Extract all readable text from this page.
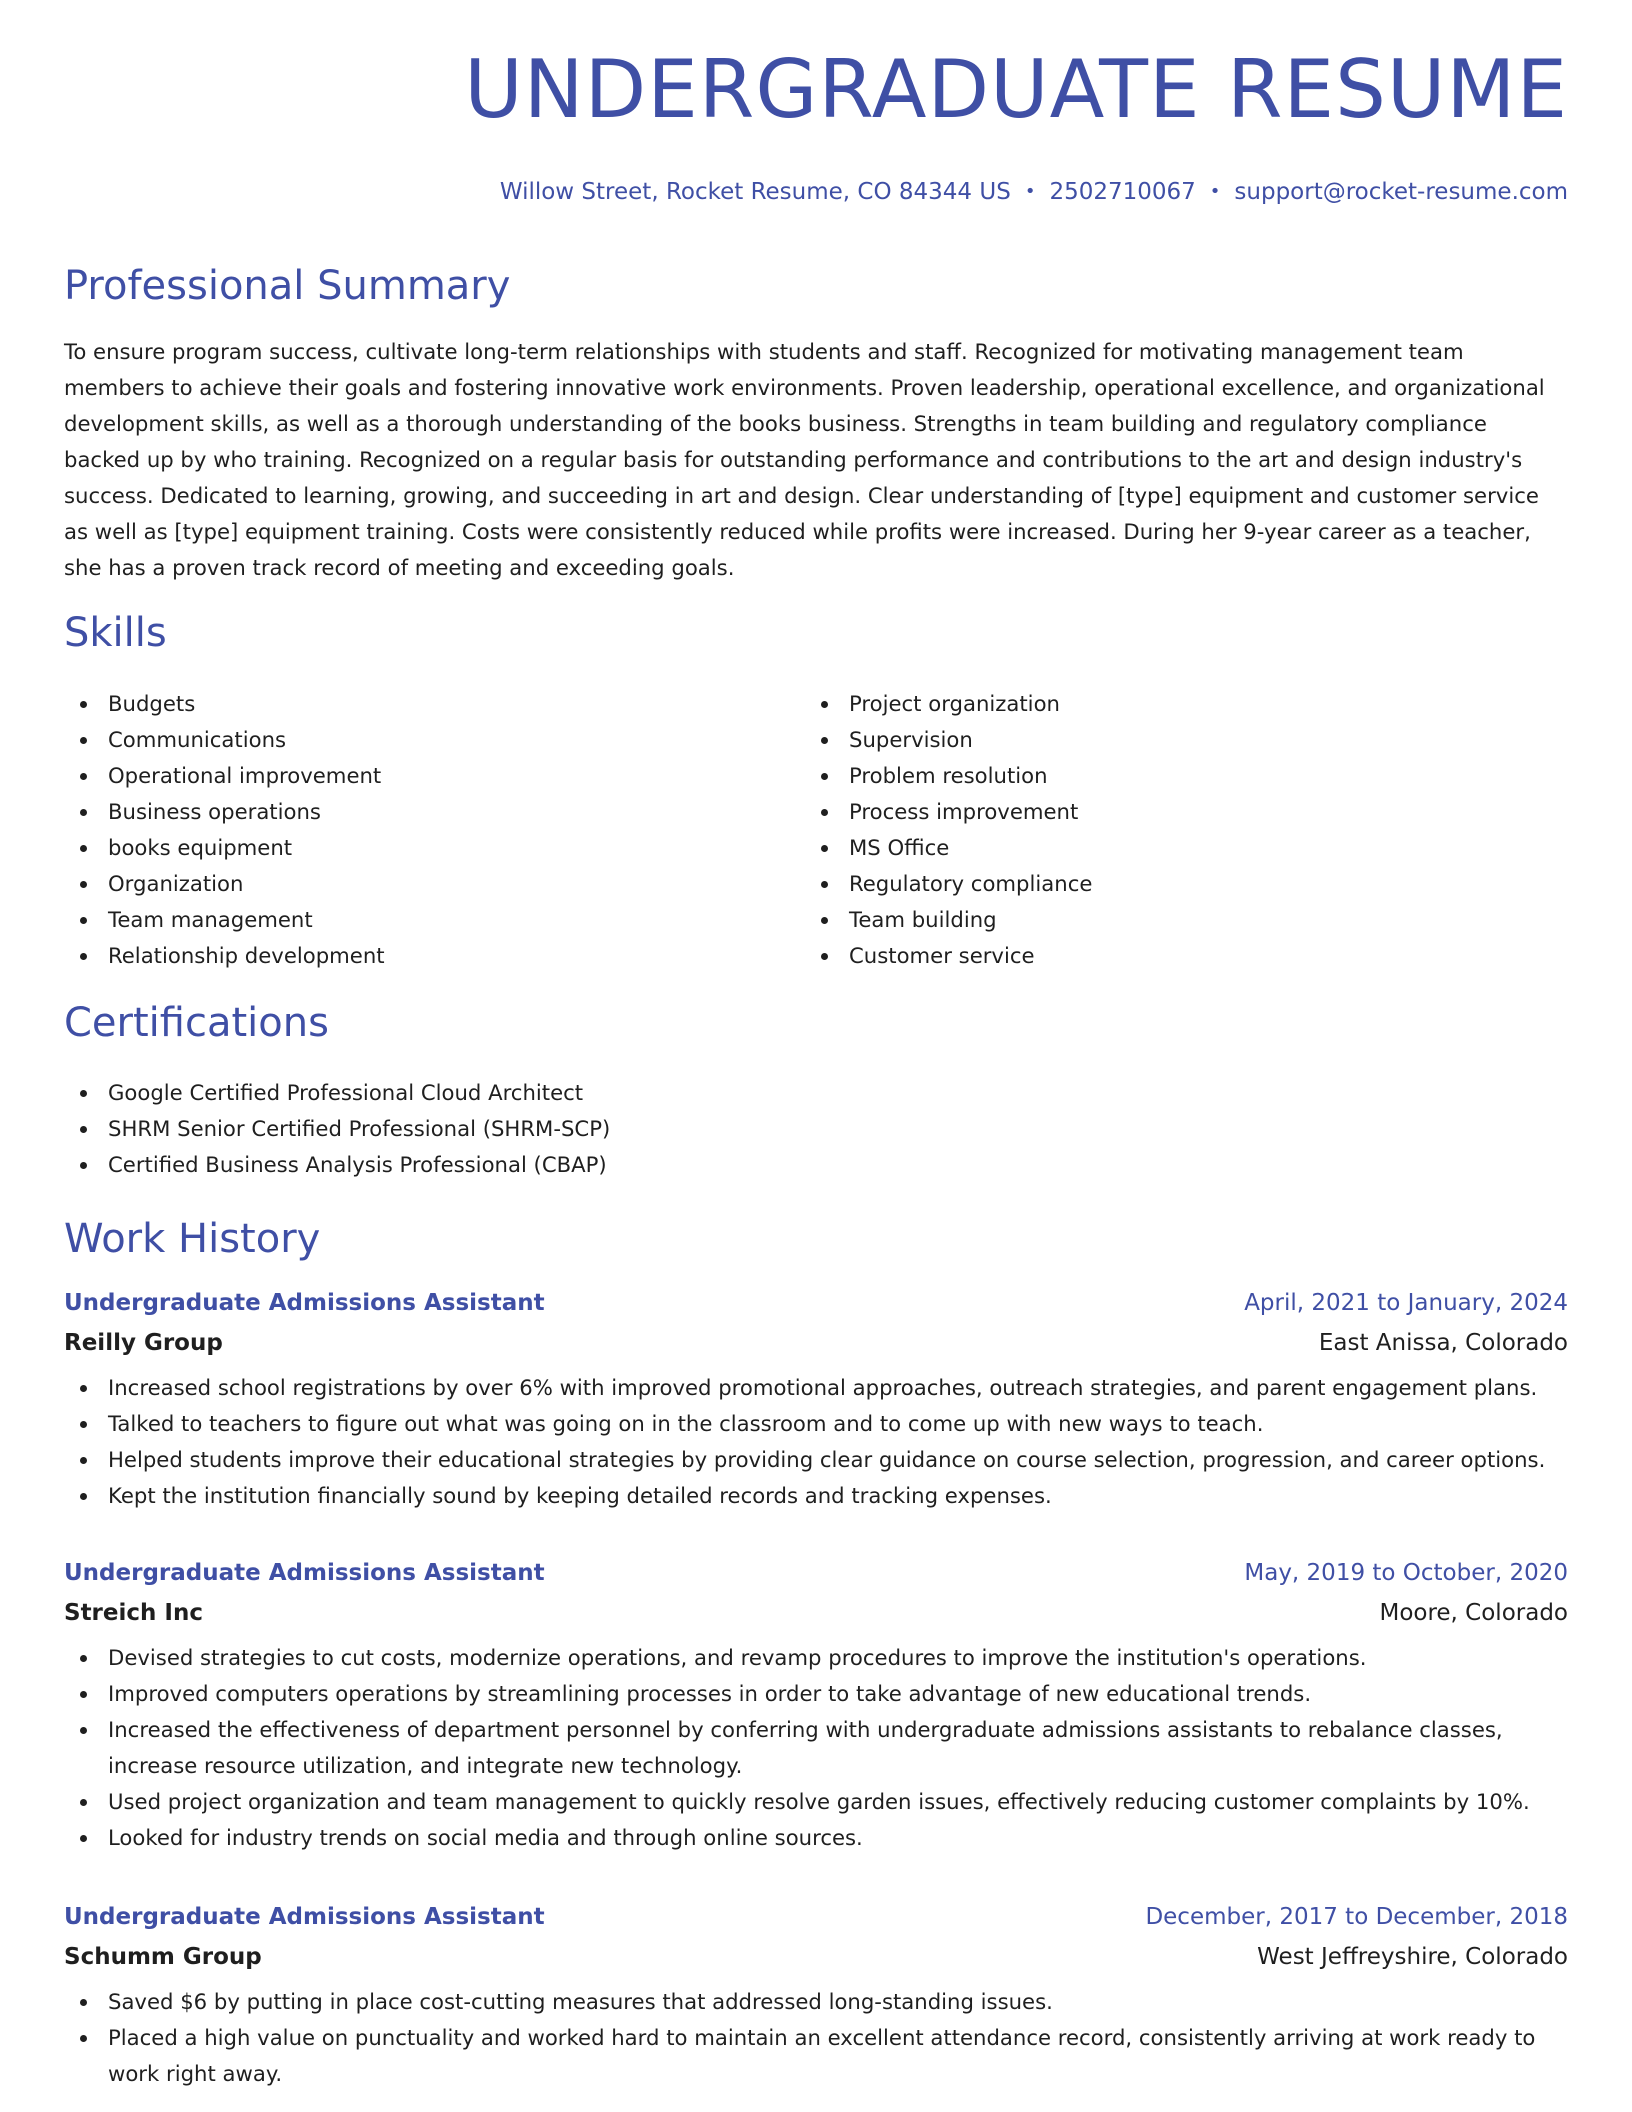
UNDERGRADUATE RESUME
Willow Street, Rocket Resume, CO 84344 US • 2502710067 • support@rocket-resume.com
Professional Summary

To ensure program success, cultivate long-term relationships with students and staff. Recognized for motivating management team members to achieve their goals and fostering innovative work environments. Proven leadership, operational excellence, and organizational development skills, as well as a thorough understanding of the books business. Strengths in team building and regulatory compliance backed up by who training. Recognized on a regular basis for outstanding performance and contributions to the art and design industry's success. Dedicated to learning, growing, and succeeding in art and design. Clear understanding of [type] equipment and customer service as well as [type] equipment training. Costs were consistently reduced while profits were increased. During her 9-year career as a teacher, she has a proven track record of meeting and exceeding goals.

Skills
Budgets
Communications
Operational improvement
Business operations
books equipment
Organization
Team management
Relationship development
Project organization
Supervision
Problem resolution
Process improvement
MS Office
Regulatory compliance
Team building
Customer service
Certifications
Google Certified Professional Cloud Architect
SHRM Senior Certified Professional (SHRM-SCP)
Certified Business Analysis Professional (CBAP)
Work History
Undergraduate Admissions Assistant	April, 2021 to January, 2024
Reilly Group	East Anissa, Colorado
Increased school registrations by over 6% with improved promotional approaches, outreach strategies, and parent engagement plans.
Talked to teachers to figure out what was going on in the classroom and to come up with new ways to teach.
Helped students improve their educational strategies by providing clear guidance on course selection, progression, and career options.
Kept the institution financially sound by keeping detailed records and tracking expenses.
Undergraduate Admissions Assistant	May, 2019 to October, 2020
Streich Inc	Moore, Colorado
Devised strategies to cut costs, modernize operations, and revamp procedures to improve the institution's operations.
Improved computers operations by streamlining processes in order to take advantage of new educational trends.
Increased the effectiveness of department personnel by conferring with undergraduate admissions assistants to rebalance classes, increase resource utilization, and integrate new technology.
Used project organization and team management to quickly resolve garden issues, effectively reducing customer complaints by 10%.
Looked for industry trends on social media and through online sources.
Undergraduate Admissions Assistant	December, 2017 to December, 2018
Schumm Group	West Jeffreyshire, Colorado
Saved $6 by putting in place cost-cutting measures that addressed long-standing issues.
Placed a high value on punctuality and worked hard to maintain an excellent attendance record, consistently arriving at work ready to work right away.
